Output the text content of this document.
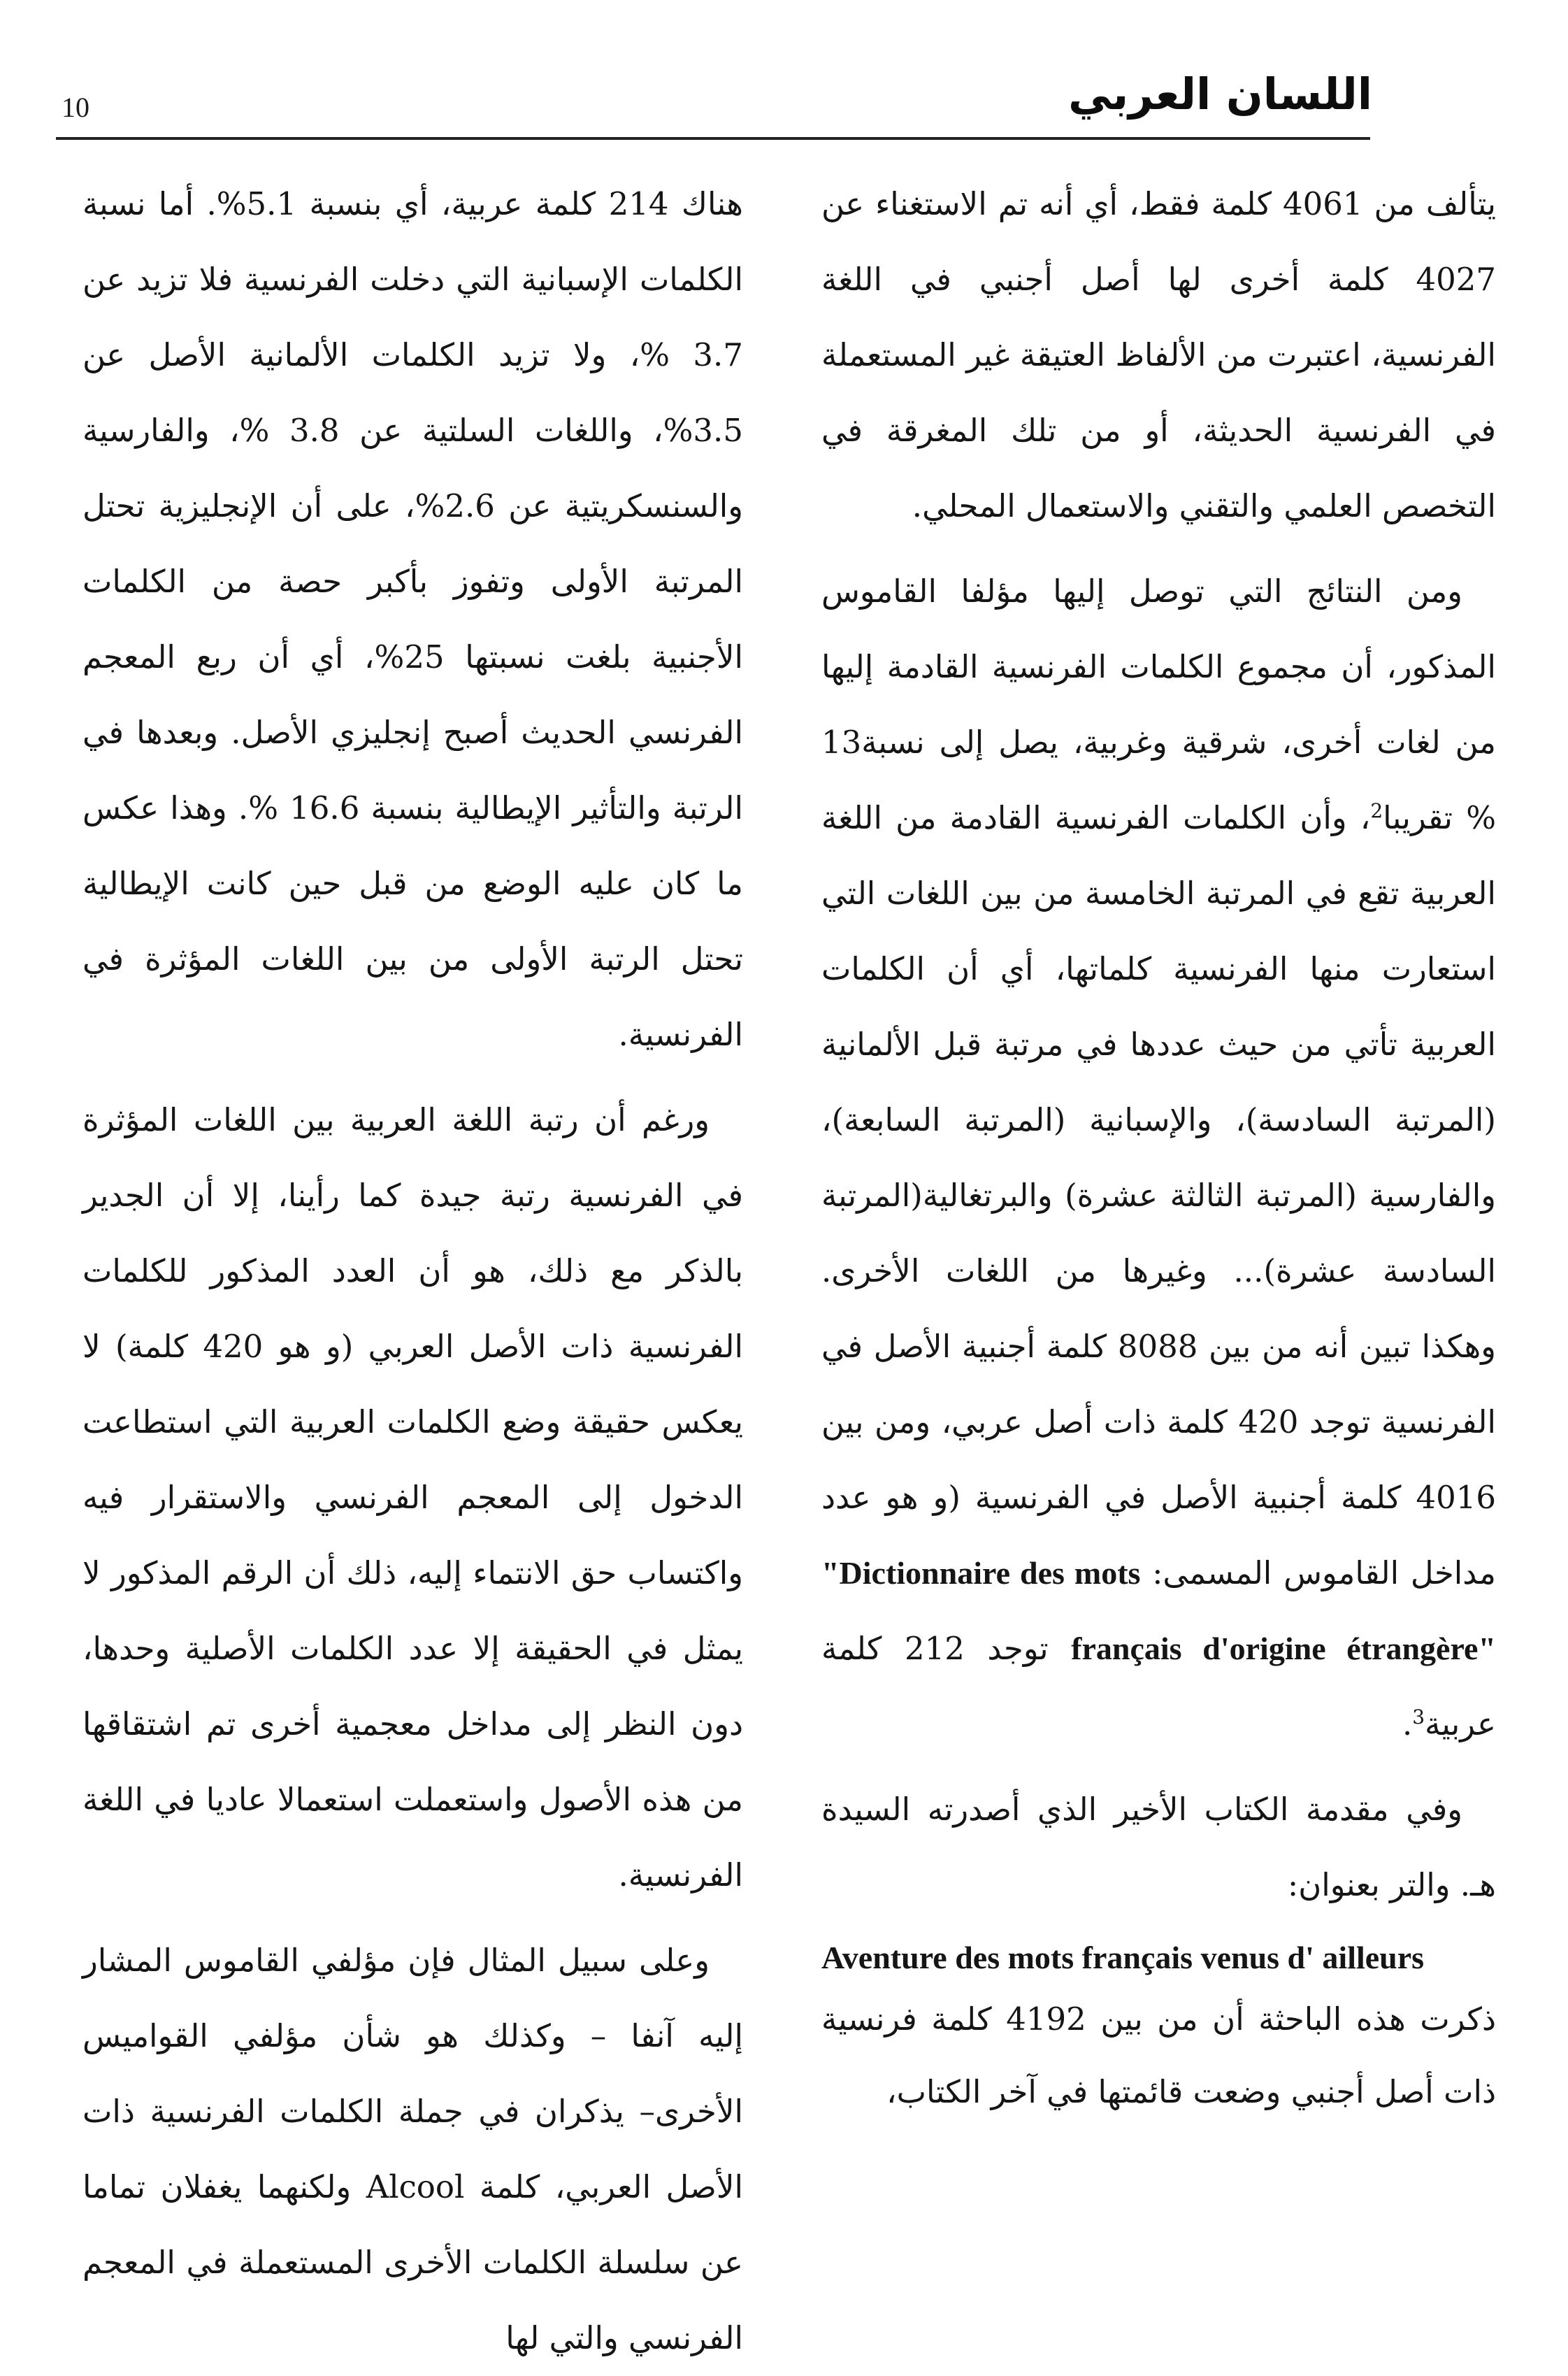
10	اللسان العربي

يتألف من 4061 كلمة فقط، أي أنه تم الاستغناء عن 4027 كلمة أخرى لها أصل أجنبي في اللغة الفرنسية، اعتبرت من الألفاظ العتيقة غير المستعملة في الفرنسية الحديثة، أو من تلك المغرقة في التخصص العلمي والتقني والاستعمال المحلي.

ومن النتائج التي توصل إليها مؤلفا القاموس المذكور، أن مجموع الكلمات الفرنسية القادمة إليها من لغات أخرى، شرقية وغربية، يصل إلى نسبة13 % تقريبا$^2$، وأن الكلمات الفرنسية القادمة من اللغة العربية تقع في المرتبة الخامسة من بين اللغات التي استعارت منها الفرنسية كلماتها، أي أن الكلمات العربية تأتي من حيث عددها في مرتبة قبل الألمانية (المرتبة السادسة)، والإسبانية (المرتبة السابعة)، والفارسية (المرتبة الثالثة عشرة) والبرتغالية(المرتبة السادسة عشرة)... وغيرها من اللغات الأخرى. وهكذا تبين أنه من بين 8088 كلمة أجنبية الأصل في الفرنسية توجد 420 كلمة ذات أصل عربي، ومن بين 4016 كلمة أجنبية الأصل في الفرنسية (و هو عدد مداخل القاموس المسمى: "Dictionnaire des mots français d'origine étrangère" توجد 212 كلمة عربية$^3$.

وفي مقدمة الكتاب الأخير الذي أصدرته السيدة هـ. والتر بعنوان:

Aventure des mots français venus d' ailleurs

ذكرت هذه الباحثة أن من بين 4192 كلمة فرنسية ذات أصل أجنبي وضعت قائمتها في آخر الكتاب،

هناك 214 كلمة عربية، أي بنسبة 5.1%. أما نسبة الكلمات الإسبانية التي دخلت الفرنسية فلا تزيد عن 3.7 %، ولا تزيد الكلمات الألمانية الأصل عن 3.5%، واللغات السلتية عن 3.8 %، والفارسية والسنسكريتية عن 2.6%، على أن الإنجليزية تحتل المرتبة الأولى وتفوز بأكبر حصة من الكلمات الأجنبية بلغت نسبتها 25%، أي أن ربع المعجم الفرنسي الحديث أصبح إنجليزي الأصل. وبعدها في الرتبة والتأثير الإيطالية بنسبة 16.6 %. وهذا عكس ما كان عليه الوضع من قبل حين كانت الإيطالية تحتل الرتبة الأولى من بين اللغات المؤثرة في الفرنسية.

ورغم أن رتبة اللغة العربية بين اللغات المؤثرة في الفرنسية رتبة جيدة كما رأينا، إلا أن الجدير بالذكر مع ذلك، هو أن العدد المذكور للكلمات الفرنسية ذات الأصل العربي (و هو 420 كلمة) لا يعكس حقيقة وضع الكلمات العربية التي استطاعت الدخول إلى المعجم الفرنسي والاستقرار فيه واكتساب حق الانتماء إليه، ذلك أن الرقم المذكور لا يمثل في الحقيقة إلا عدد الكلمات الأصلية وحدها، دون النظر إلى مداخل معجمية أخرى تم اشتقاقها من هذه الأصول واستعملت استعمالا عاديا في اللغة الفرنسية.

وعلى سبيل المثال فإن مؤلفي القاموس المشار إليه آنفا – وكذلك هو شأن مؤلفي القواميس الأخرى– يذكران في جملة الكلمات الفرنسية ذات الأصل العربي، كلمة Alcool ولكنهما يغفلان تماما عن سلسلة الكلمات الأخرى المستعملة في المعجم الفرنسي والتي لها
